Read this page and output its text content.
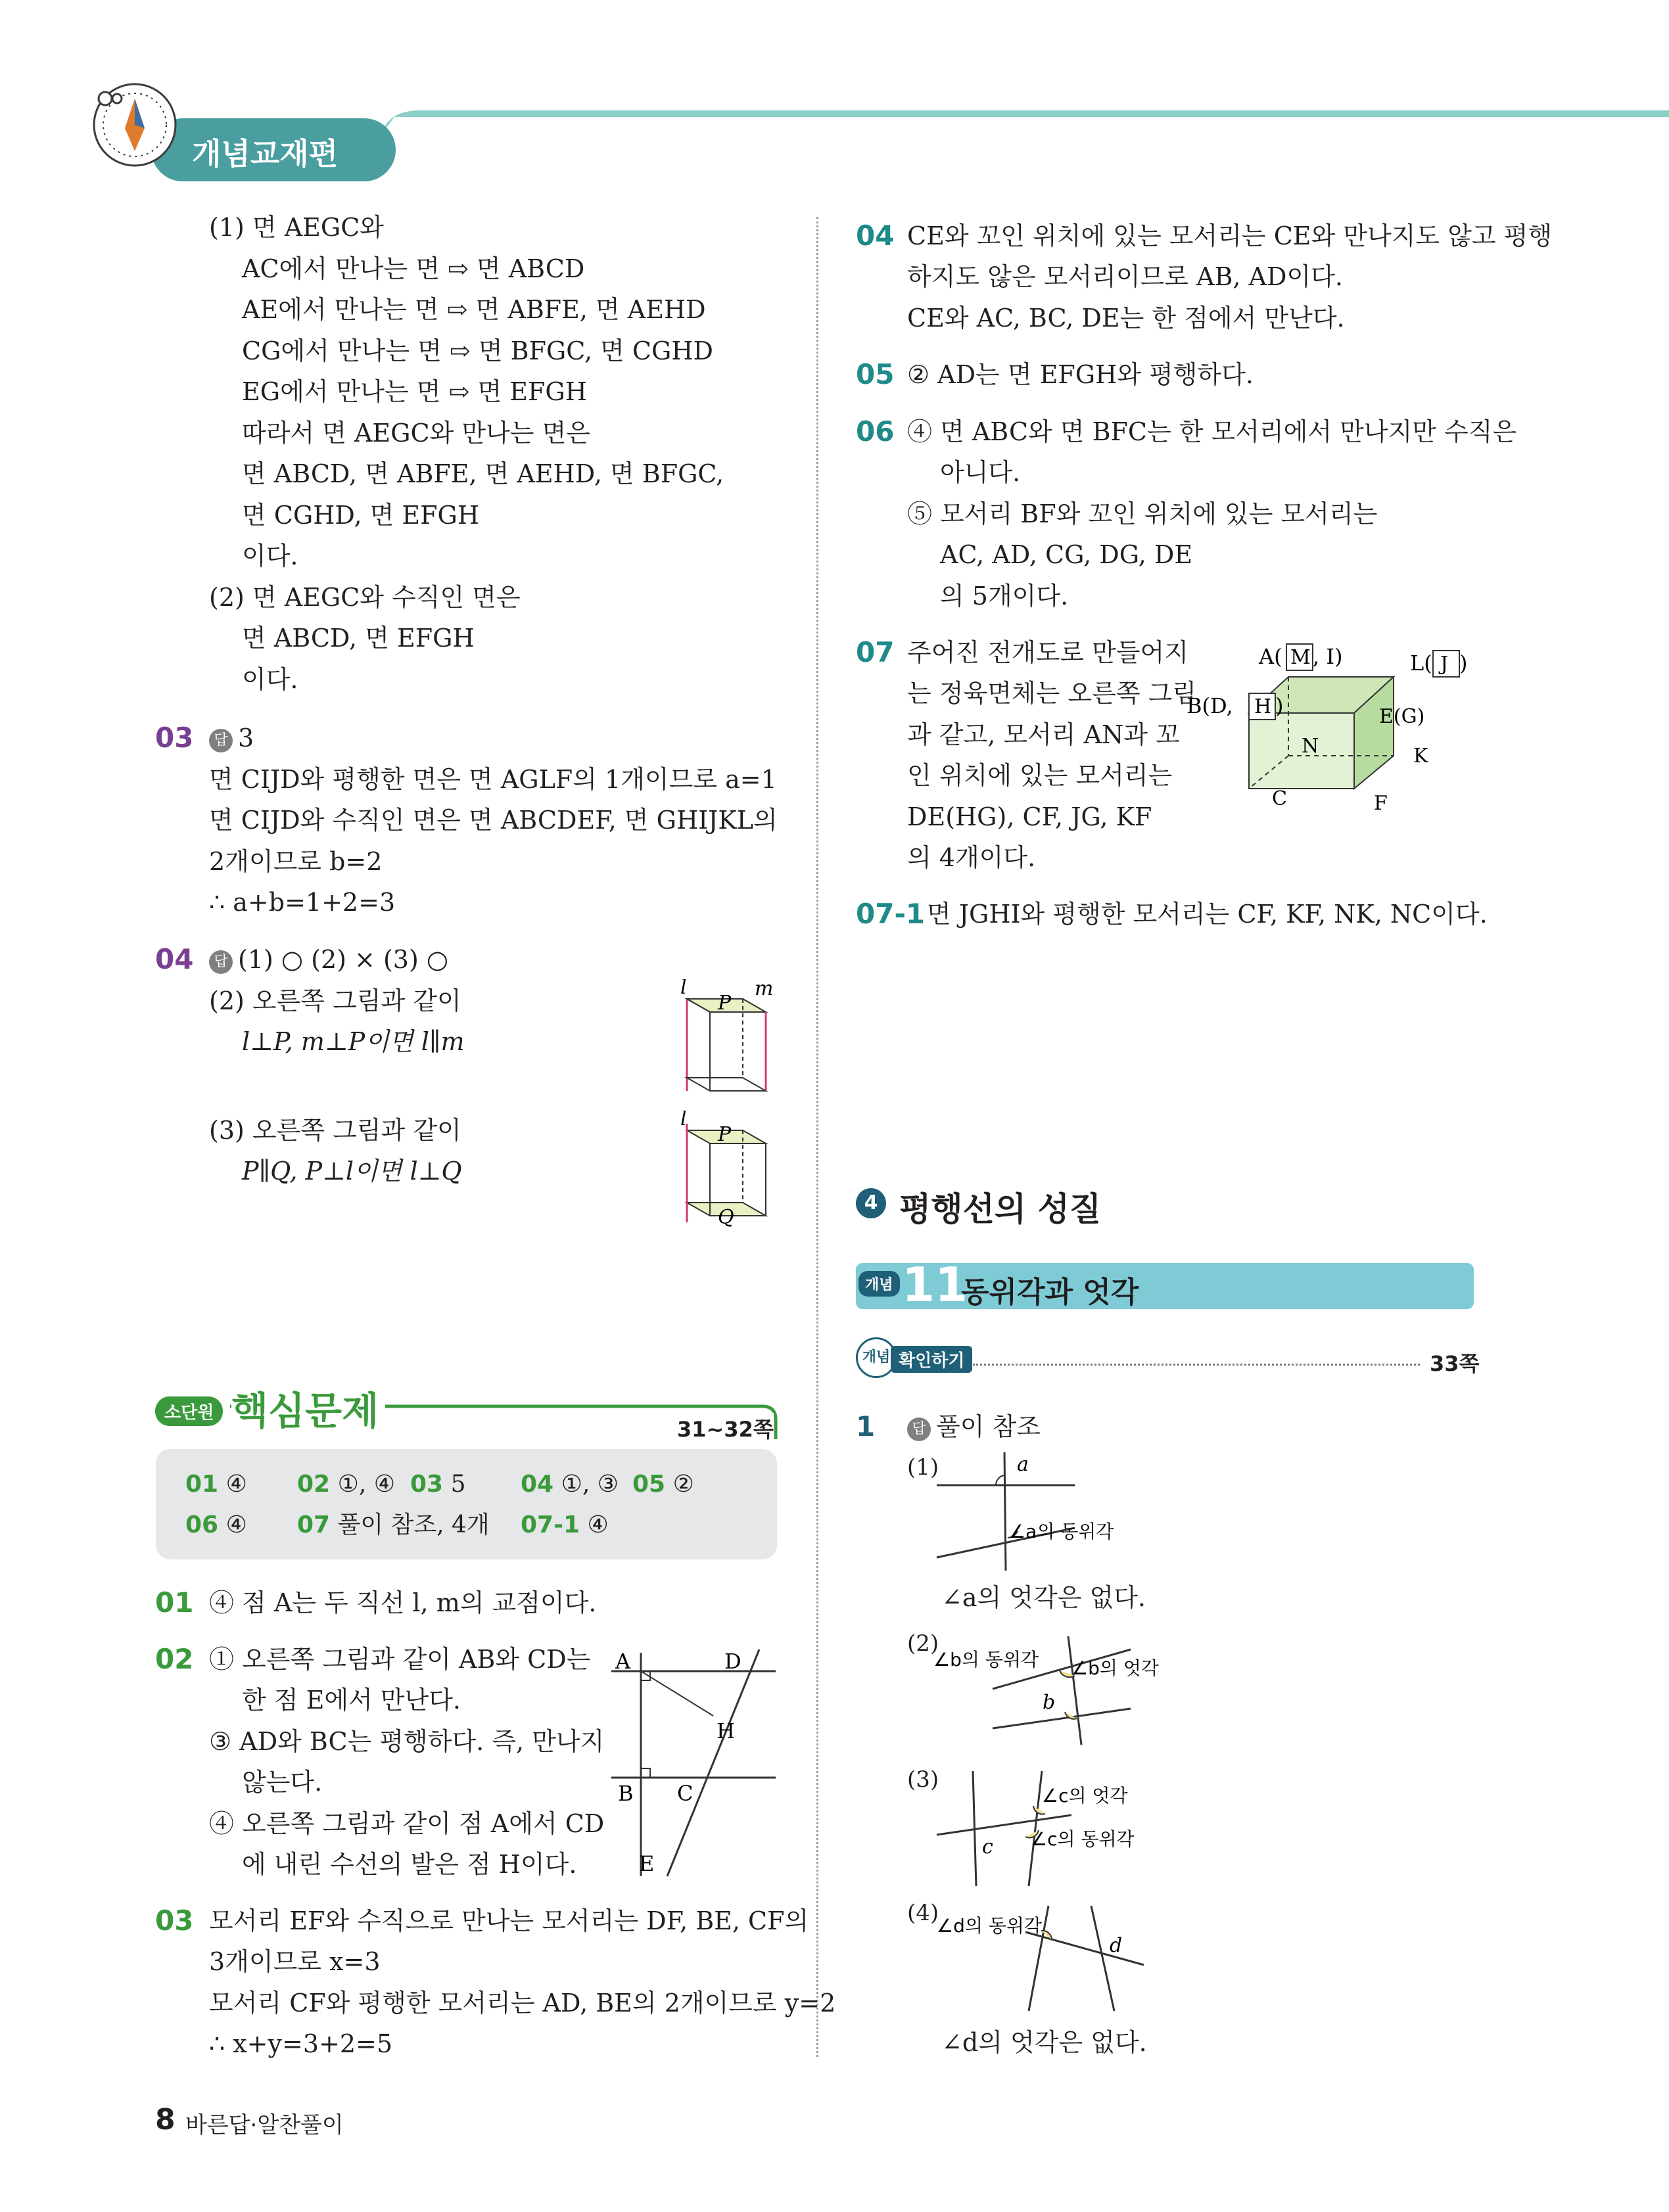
개념교재편
(1) 면 AEGC와
AC에서 만나는 면 ⇨ 면 ABCD
AE에서 만나는 면 ⇨ 면 ABFE, 면 AEHD
CG에서 만나는 면 ⇨ 면 BFGC, 면 CGHD
EG에서 만나는 면 ⇨ 면 EFGH
따라서 면 AEGC와 만나는 면은
면 ABCD, 면 ABFE, 면 AEHD, 면 BFGC,
면 CGHD, 면 EFGH
이다.
(2) 면 AEGC와 수직인 면은
면 ABCD, 면 EFGH
이다.
03	답 3
면 CIJD와 평행한 면은 면 AGLF의 1개이므로 a=1
면 CIJD와 수직인 면은 면 ABCDEF, 면 GHIJKL의
2개이므로 b=2
∴ a+b=1+2=3
04	답 (1) ○ (2) × (3) ○
(2) 오른쪽 그림과 같이
l⊥P, m⊥P이면 l∥m
(3) 오른쪽 그림과 같이
P∥Q, P⊥l이면 l⊥Q
l	m
P
l
P
Q
소단원 핵심문제	31~32쪽
01 ④ 02 ①, ④ 03 5 04 ①, ③ 05 ②
06 ④ 07 풀이 참조, 4개 07-1 ④
01 ④ 점 A는 두 직선 l, m의 교점이다.
02 ① 오른쪽 그림과 같이 AB와 CD는
한 점 E에서 만난다.
③ AD와 BC는 평행하다. 즉, 만나지
않는다.
④ 오른쪽 그림과 같이 점 A에서 CD
에 내린 수선의 발은 점 H이다.
A	D
H
B C
E
03 모서리 EF와 수직으로 만나는 모서리는 DF, BE, CF의
3개이므로 x=3
모서리 CF와 평행한 모서리는 AD, BE의 2개이므로 y=2
∴ x+y=3+2=5
8 바른답·알찬풀이
04 CE와 꼬인 위치에 있는 모서리는 CE와 만나지도 않고 평행
하지도 않은 모서리이므로 AB, AD이다.
CE와 AC, BC, DE는 한 점에서 만난다.
05 ② AD는 면 EFGH와 평행하다.
06 ④ 면 ABC와 면 BFC는 한 모서리에서 만나지만 수직은
아니다.
⑤ 모서리 BF와 꼬인 위치에 있는 모서리는
AC, AD, CG, DG, DE
의 5개이다.
07 주어진 전개도로 만들어지
는 정육면체는 오른쪽 그림
과 같고, 모서리 AN과 꼬
인 위치에 있는 모서리는
DE(HG), CF, JG, KF
의 4개이다.
A( M , I)	L( J )
B(D, H )	E(G)
N	K
C	F
07-1 면 JGHI와 평행한 모서리는 CF, KF, NK, NC이다.
4 평행선의 성질
개념 11
동위각과 엇각
개념 확인하기	33쪽
1	답 풀이 참조
(1)	a
∠a의 동위각
∠a의 엇각은 없다.
(2)
∠b의 동위각 ∠b의 엇각
b
(3)
c
∠c의 엇각
∠c의 동위각
(4)
∠d의 동위각
d
∠d의 엇각은 없다.
